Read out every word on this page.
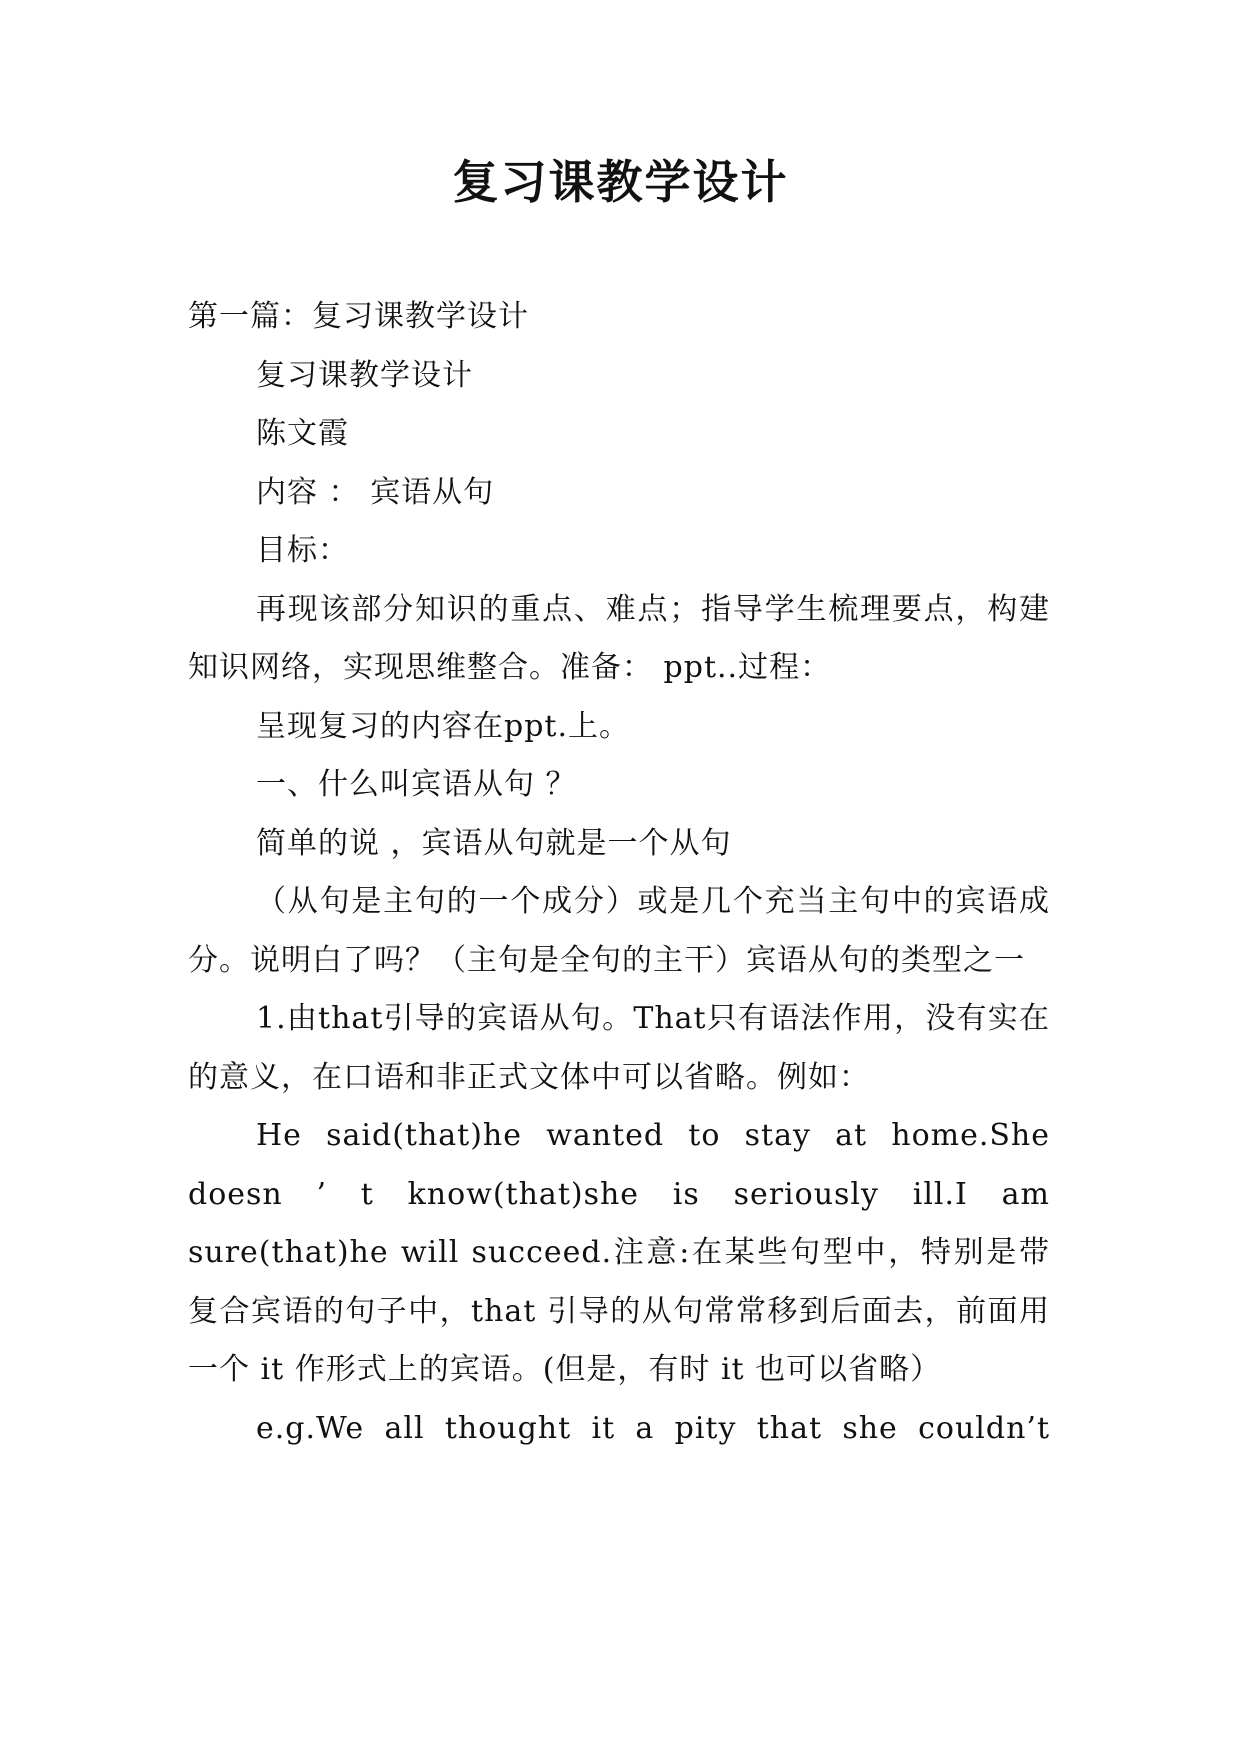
复习课教学设计

第一篇：复习课教学设计

复习课教学设计

陈文霞

内容 ： 宾语从句

目标：

再现该部分知识的重点、难点；指导学生梳理要点，构建知识网络，实现思维整合。准备： ppt..过程：

呈现复习的内容在ppt.上。

一、什么叫宾语从句 ？

简单的说 ，宾语从句就是一个从句

（从句是主句的一个成分）或是几个充当主句中的宾语成分。说明白了吗？（主句是全句的主干）宾语从句的类型之一

1.由that引导的宾语从句。That只有语法作用，没有实在的意义，在口语和非正式文体中可以省略。例如：

He said(that)he wanted to stay at home.She doesn ’ t know(that)she is seriously ill.I am sure(that)he will succeed.注意:在某些句型中，特别是带复合宾语的句子中，that 引导的从句常常移到后面去，前面用一个 it 作形式上的宾语。(但是，有时 it 也可以省略）

e.g.We all thought it a pity that she couldn’t
